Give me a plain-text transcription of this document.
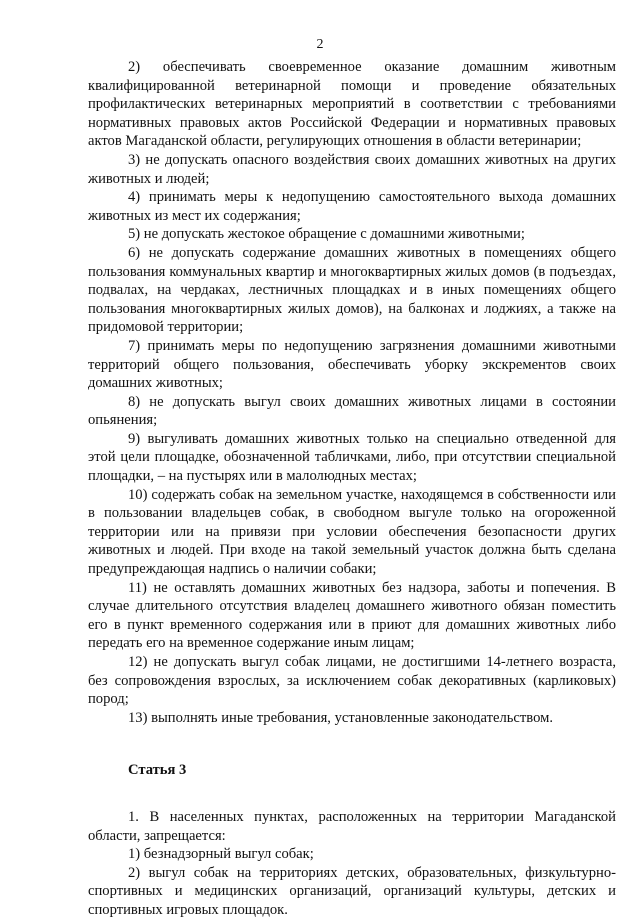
2

2) обеспечивать своевременное оказание домашним животным квалифицированной ветеринарной помощи и проведение обязательных профилактических ветеринарных мероприятий в соответствии с требованиями нормативных правовых актов Российской Федерации и нормативных правовых актов Магаданской области, регулирующих отношения в области ветеринарии;

3) не допускать опасного воздействия своих домашних животных на других животных и людей;

4) принимать меры к недопущению самостоятельного выхода домашних животных из мест их содержания;

5) не допускать жестокое обращение с домашними животными;

6) не допускать содержание домашних животных в помещениях общего пользования коммунальных квартир и многоквартирных жилых домов (в подъездах, подвалах, на чердаках, лестничных площадках и в иных помещениях общего пользования многоквартирных жилых домов), на балконах и лоджиях, а также на придомовой территории;

7) принимать меры по недопущению загрязнения домашними животными территорий общего пользования, обеспечивать уборку экскрементов своих домашних животных;

8) не допускать выгул своих домашних животных лицами в состоянии опьянения;

9) выгуливать домашних животных только на специально отведенной для этой цели площадке, обозначенной табличками, либо, при отсутствии специальной площадки, – на пустырях или в малолюдных местах;

10) содержать собак на земельном участке, находящемся в собственности или в пользовании владельцев собак, в свободном выгуле только на огороженной территории или на привязи при условии обеспечения безопасности других животных и людей. При входе на такой земельный участок должна быть сделана предупреждающая надпись о наличии собаки;

11) не оставлять домашних животных без надзора, заботы и попечения. В случае длительного отсутствия владелец домашнего животного обязан поместить его в пункт временного содержания или в приют для домашних животных либо передать его на временное содержание иным лицам;

12) не допускать выгул собак лицами, не достигшими 14-летнего возраста, без сопровождения взрослых, за исключением собак декоративных (карликовых) пород;

13) выполнять иные требования, установленные законодательством.

Статья 3

1. В населенных пунктах, расположенных на территории Магаданской области, запрещается:

1) безнадзорный выгул собак;

2) выгул собак на территориях детских, образовательных, физкультурно-спортивных и медицинских организаций, организаций культуры, детских и спортивных игровых площадок.
